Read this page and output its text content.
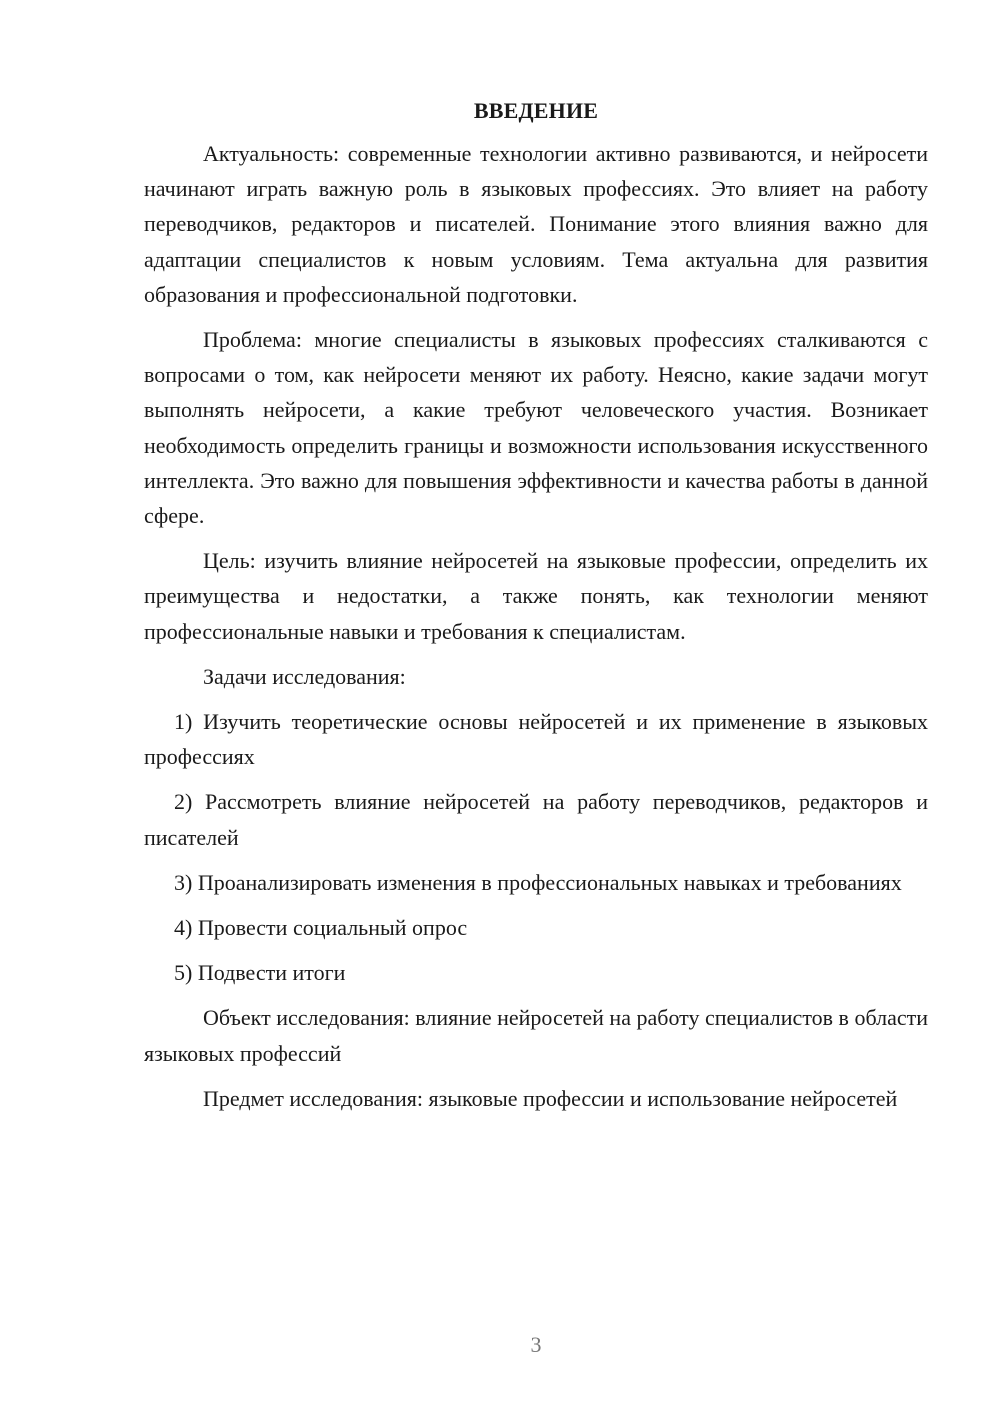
ВВЕДЕНИЕ

Актуальность: современные технологии активно развиваются, и нейросети начинают играть важную роль в языковых профессиях. Это влияет на работу переводчиков, редакторов и писателей. Понимание этого влияния важно для адаптации специалистов к новым условиям. Тема актуальна для развития образования и профессиональной подготовки.

Проблема: многие специалисты в языковых профессиях сталкиваются с вопросами о том, как нейросети меняют их работу. Неясно, какие задачи могут выполнять нейросети, а какие требуют человеческого участия. Возникает необходимость определить границы и возможности использования искусственного интеллекта. Это важно для повышения эффективности и качества работы в данной сфере.

Цель: изучить влияние нейросетей на языковые профессии, определить их преимущества и недостатки, а также понять, как технологии меняют профессиональные навыки и требования к специалистам.

Задачи исследования:

1) Изучить теоретические основы нейросетей и их применение в языковых профессиях

2) Рассмотреть влияние нейросетей на работу переводчиков, редакторов и писателей

3) Проанализировать изменения в профессиональных навыках и требованиях

4) Провести социальный опрос

5) Подвести итоги

Объект исследования: влияние нейросетей на работу специалистов в области языковых профессий

Предмет исследования: языковые профессии и использование нейросетей

3
